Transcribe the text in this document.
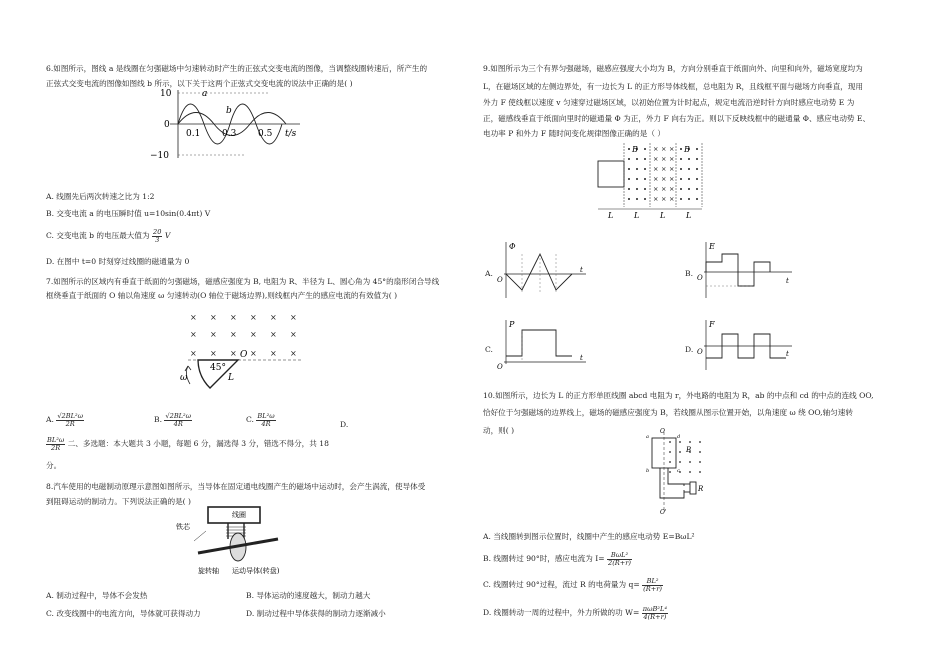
6.如图所示，图线 a 是线圈在匀强磁场中匀速转动时产生的正弦式交变电流的图像，当调整线圈转速后，所产生的
正弦式交变电流的图像如图线 b 所示，以下关于这两个正弦式交变电流的说法中正确的是( )
10
0
−10
0.1 0.3 0.5 t/s
a
b
A. 线圈先后两次转速之比为 1:2
B. 交变电流 a 的电压瞬时值 u=10sin(0.4πt) V
C. 交变电流 b 的电压最大值为 $\frac{20}{3}$ V
D. 在图中 t=0 时刻穿过线圈的磁通量为 0
7.如图所示的区域内有垂直于纸面的匀强磁场，磁感应强度为 B, 电阻为 R、半径为 L、圆心角为 45°的扇形闭合导线
框绕垂直于纸面的 O 轴以角速度 ω 匀速转动(O 轴位于磁场边界),则线框内产生的感应电流的有效值为( )
× × × × × ×
× × × × × ×
× × × × × ×
45°
O
L
ω
A. $\frac{\text{√2BL²ω}}{2R}$	B. $\frac{\text{√2BL²ω}}{4R}$	C. $\frac{\text{BL²ω}}{4R}$	D.
$\frac{\text{BL²ω}}{2R}$ 二、多选题：本大题共 3 小题，每题 6 分，漏选得 3 分，错选不得分，共 18
分。
8.汽车使用的电磁制动原理示意图如图所示，当导体在固定通电线圈产生的磁场中运动时，会产生涡流，使导体受
到阻碍运动的制动力。下列说法正确的是( )
铁芯
线圈
旋转轴 运动导体(转盘)
A. 制动过程中，导体不会发热	B. 导体运动的速度越大，制动力越大
C. 改变线圈中的电流方向，导体就可获得动力	D. 制动过程中导体获得的制动力逐渐减小
9.如图所示为三个有界匀强磁场，磁感应强度大小均为 B，方向分别垂直于纸面向外、向里和向外，磁场宽度均为
L，在磁场区域的左侧边界处，有一边长为 L 的正方形导体线框，总电阻为 R，且线框平面与磁场方向垂直，现用
外力 F 使线框以速度 v 匀速穿过磁场区域，以初始位置为计时起点，规定电流沿逆时针方向时感应电动势 E 为
正，磁感线垂直于纸面向里时的磁通量 Φ 为正，外力 F 向右为正。则以下反映线框中的磁通量 Φ、感应电动势 E、
电功率 P 和外力 F 随时间变化规律图像正确的是（ ）
× × ×
× × ×
× × ×
× × ×
× × ×
× × ×
B	B
L	L	L	L
A.
Φ
O
t	B.
E
O	t
C.
P
O
t
D.
F
O	t
10.如图所示，边长为 L 的正方形单匝线圈 abcd 电阻为 r，外电路的电阻为 R，ab 的中点和 cd 的中点的连线 OO,
恰好位于匀强磁场的边界线上，磁场的磁感应强度为 B，若线圈从图示位置开始，以角速度 ω 绕 OO,轴匀速转
动，则( )	O
O'
B
R
a	d
b	c
A. 当线圈转到图示位置时，线圈中产生的感应电动势 E=BωL²
B. 线圈转过 90°时，感应电流为 $I= \frac{\text{BωL²}}{2(R+r)}$
C. 线圈转过 90°过程，流过 R 的电荷量为 $q= \frac{\text{BL²}}{(R+r)}$
D. 线圈转动一周的过程中，外力所做的功 $W= \frac{\text{πωB²L⁴}}{4(R+r)}$
